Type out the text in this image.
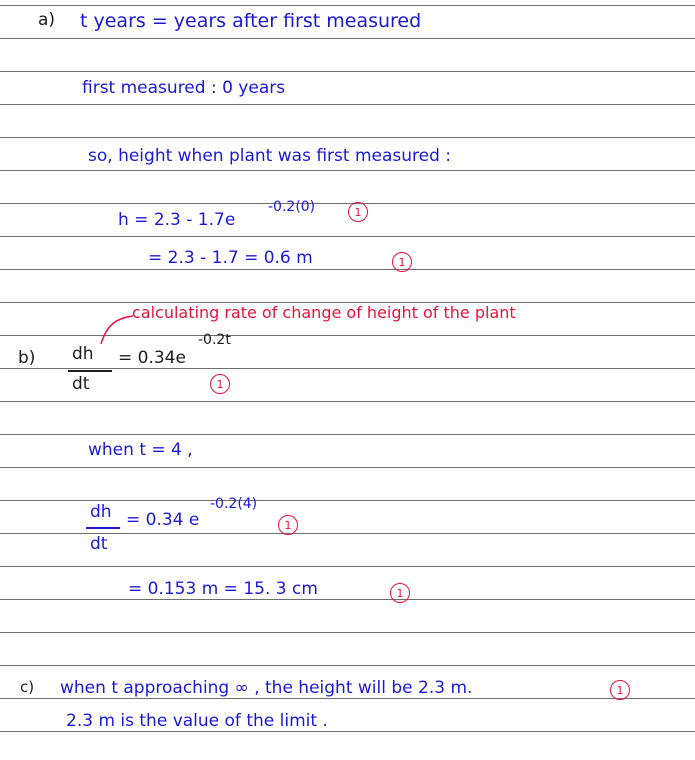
a) t years = years after first measured
first measured : 0 years
so, height when plant was first measured :
h = 2.3 - 1.7e
-0.2(0)	1
= 2.3 - 1.7 = 0.6 m	1
calculating rate of change of height of the plant
b) dh
dt
= 0.34e
-0.2t
1
when t = 4 ,
dh
dt
= 0.34 e
-0.2(4)
1
= 0.153 m = 15. 3 cm	1
c) when t approaching ∞ , the height will be 2.3 m.	1
2.3 m is the value of the limit .
